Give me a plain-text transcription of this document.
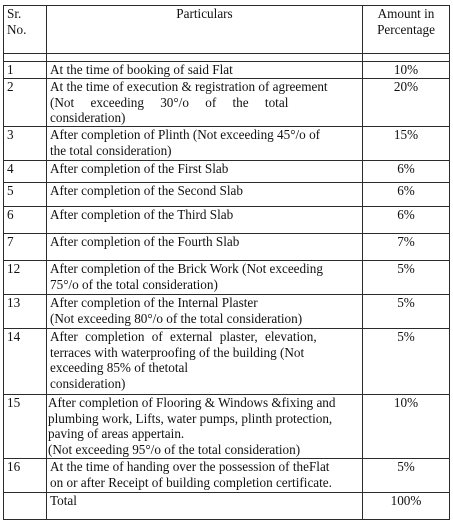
Sr.
No.	Particulars	Amount in
Percentage

1	At the time of booking of said Flat	10%
2	At the time of execution & registration of agreement
(Not exceeding 30°/o of the total
consideration)	20%
3	After completion of Plinth (Not exceeding 45°/o of
the total consideration)	15%
4	After completion of the First Slab	6%
5	After completion of the Second Slab	6%
6	After completion of the Third Slab	6%
7	After completion of the Fourth Slab	7%
12	After completion of the Brick Work (Not exceeding
75°/o of the total consideration)	5%
13	After completion of the Internal Plaster
(Not exceeding 80°/o of the total consideration)	5%
14	After completion of external plaster, elevation,
terraces with waterproofing of the building (Not
exceeding 85% of thetotal
consideration)	5%
15	After completion of Flooring & Windows &fixing and
plumbing work, Lifts, water pumps, plinth protection,
paving of areas appertain.
(Not exceeding 95°/o of the total consideration)	10%
16	At the time of handing over the possession of theFlat
on or after Receipt of building completion certificate.	5%
	Total	100%
